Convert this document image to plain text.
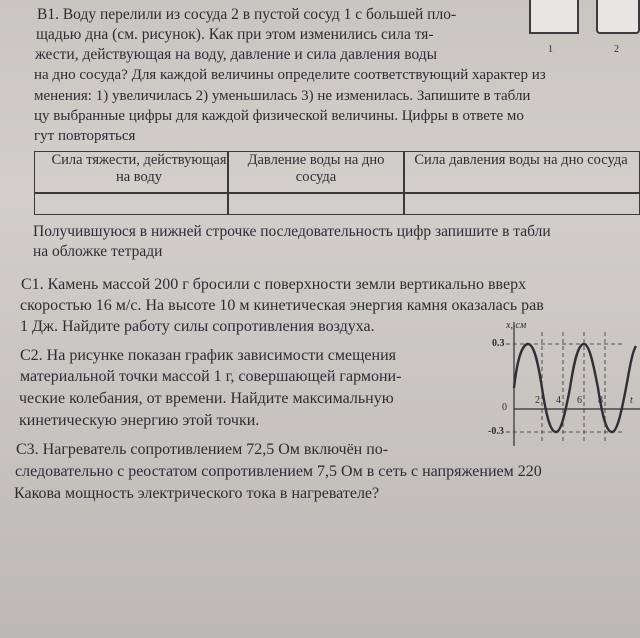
1	2
В1. Воду перелили из сосуда 2 в пустой сосуд 1 с большей пло-
щадью дна (см. рисунок). Как при этом изменились сила тя-
жести, действующая на воду, давление и сила давления воды
на дно сосуда? Для каждой величины определите соответствующий характер из
менения: 1) увеличилась 2) уменьшилась 3) не изменилась. Запишите в табли
цу выбранные цифры для каждой физической величины. Цифры в ответе мо
гут повторяться
Сила тяжести, действующая на воду
Давление воды на дно сосуда
Сила давления воды на дно сосуда
Получившуюся в нижней строчке последовательность цифр запишите в табли
на обложке тетради
С1. Камень массой 200 г бросили с поверхности земли вертикально вверх
скоростью 16 м/с. На высоте 10 м кинетическая энергия камня оказалась рав
1 Дж. Найдите работу силы сопротивления воздуха.
С2. На рисунке показан график зависимости смещения
материальной точки массой 1 г, совершающей гармони-
ческие колебания, от времени. Найдите максимальную
кинетическую энергию этой точки.
x, см
0.3
0
-0.3
2 4 6 8	t
С3. Нагреватель сопротивлением 72,5 Ом включён по-
следовательно с реостатом сопротивлением 7,5 Ом в сеть с напряжением 220
Какова мощность электрического тока в нагревателе?
